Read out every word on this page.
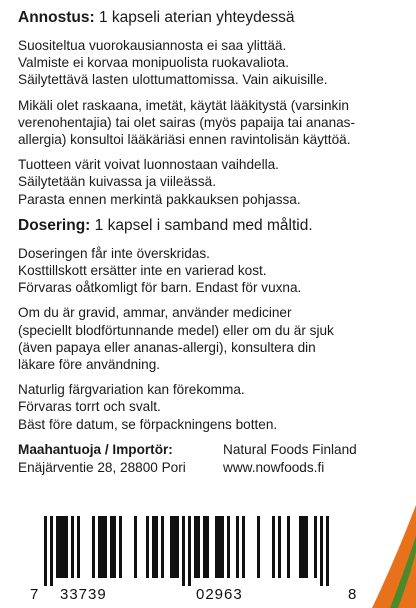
Annostus: 1 kapseli aterian yhteydessä
Suositeltua vuorokausiannosta ei saa ylittää.
Valmiste ei korvaa monipuolista ruokavaliota.
Säilytettävä lasten ulottumattomissa. Vain aikuisille.
Mikäli olet raskaana, imetät, käytät lääkitystä (varsinkin
verenohentajia) tai olet sairas (myös papaija tai ananas-
allergia) konsultoi lääkäriäsi ennen ravintolisän käyttöä.
Tuotteen värit voivat luonnostaan vaihdella.
Säilytetään kuivassa ja viileässä.
Parasta ennen merkintä pakkauksen pohjassa.
Dosering: 1 kapsel i samband med måltid.
Doseringen får inte överskridas.
Kosttillskott ersätter inte en varierad kost.
Förvaras oåtkomligt för barn. Endast för vuxna.
Om du är gravid, ammar, använder mediciner
(speciellt blodförtunnande medel) eller om du är sjuk
(även papaya eller ananas-allergi), konsultera din
läkare före användning.
Naturlig färgvariation kan förekomma.
Förvaras torrt och svalt.
Bäst före datum, se förpackningens botten.
Maahantuoja / Importör:	Natural Foods Finland
Enäjärventie 28, 28800 Pori	www.nowfoods.fi
7 33739	02963	8
